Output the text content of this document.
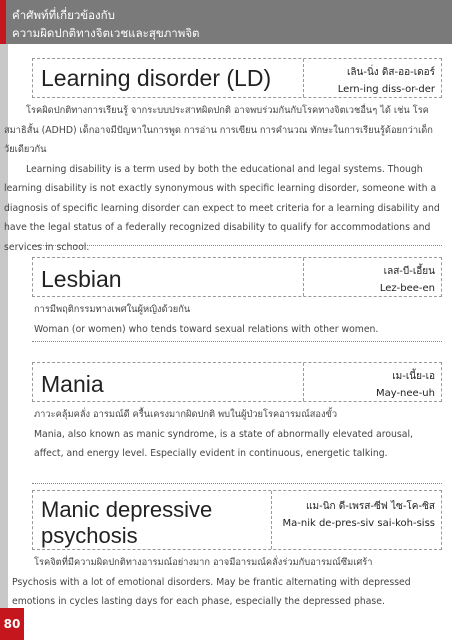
คำศัพท์ที่เกี่ยวข้องกับ
ความผิดปกติทางจิตเวชและสุขภาพจิต
80
Learning disorder (LD)	เลิน-นิ่ง ดิส-ออ-เดอร์
Lern-ing diss-or-der

โรคผิดปกติทางการเรียนรู้ จากระบบประสาทผิดปกติ อาจพบร่วมกันกับโรคทางจิตเวชอื่นๆ ได้ เช่น โรคสมาธิสั้น (ADHD) เด็กอาจมีปัญหาในการพูด การอ่าน การเขียน การคำนวณ ทักษะในการเรียนรู้ด้อยกว่าเด็กวัยเดียวกัน

Learning disability is a term used by both the educational and legal systems. Though learning disability is not exactly synonymous with specific learning disorder, someone with a diagnosis of specific learning disorder can expect to meet criteria for a learning disability and have the legal status of a federally recognized disability to qualify for accommodations and services in school.

Lesbian	เลส-บี-เอี้ยน
Lez-bee-en

การมีพฤติกรรมทางเพศในผู้หญิงด้วยกัน

Woman (or women) who tends toward sexual relations with other women.

Mania	เม-เนี้ย-เอ
May-nee-uh

ภาวะคลุ้มคลั่ง อารมณ์ดี ครื้นเครงมากผิดปกติ พบในผู้ป่วยโรคอารมณ์สองขั้ว

Mania, also known as manic syndrome, is a state of abnormally elevated arousal, affect, and energy level. Especially evident in continuous, energetic talking.

Manic depressive psychosis
แม-นิก ดี-เพรส-ซีฟ ไซ-โค-ซิส
Ma-nik de-pres-siv sai-koh-siss

โรคจิตที่มีความผิดปกติทางอารมณ์อย่างมาก อาจมีอารมณ์คลั่งร่วมกับอารมณ์ซึมเศร้า

Psychosis with a lot of emotional disorders. May be frantic alternating with depressed emotions in cycles lasting days for each phase, especially the depressed phase.
